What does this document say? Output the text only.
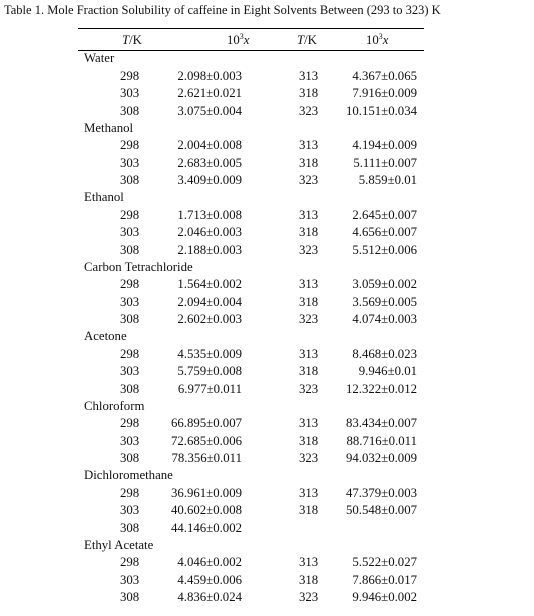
Table 1. Mole Fraction Solubility of caffeine in Eight Solvents Between (293 to 323) K
T/K	$10^3x$	T/K	$10^3x$
Water
298	2.098±0.003	313	4.367±0.065
303	2.621±0.021	318	7.916±0.009
308	3.075±0.004	323 10.151±0.034
Methanol
298	2.004±0.008	313	4.194±0.009
303	2.683±0.005	318	5.111±0.007
308	3.409±0.009	323	5.859±0.01
Ethanol
298	1.713±0.008	313	2.645±0.007
303	2.046±0.003	318	4.656±0.007
308	2.188±0.003	323	5.512±0.006
Carbon Tetrachloride
298	1.564±0.002	313	3.059±0.002
303	2.094±0.004	318	3.569±0.005
308	2.602±0.003	323	4.074±0.003
Acetone
298	4.535±0.009	313	8.468±0.023
303	5.759±0.008	318	9.946±0.01
308	6.977±0.011	323 12.322±0.012
Chloroform
298 66.895±0.007	313 83.434±0.007
303 72.685±0.006	318 88.716±0.011
308	78.356±0.011	323 94.032±0.009
Dichloromethane
298 36.961±0.009	313 47.379±0.003
303 40.602±0.008	318 50.548±0.007
308 44.146±0.002
Ethyl Acetate
298	4.046±0.002	313	5.522±0.027
303	4.459±0.006	318	7.866±0.017
308	4.836±0.024	323	9.946±0.002
